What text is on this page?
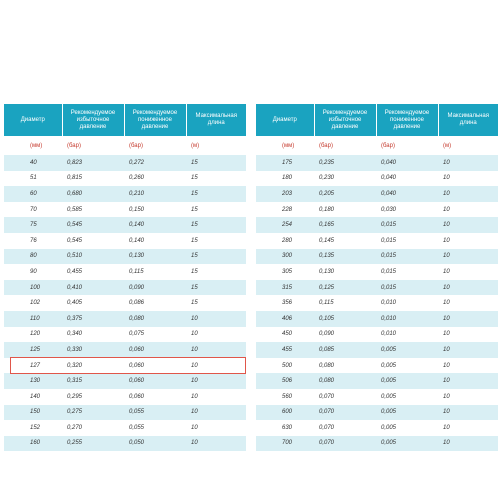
Диаметр	Рекомендуемое избыточное давление	Рекомендуемое пониженное давление	Максимальная длина
(мм)	(бар)	(бар)	(м)
40	0,823	0,272	15
51	0,815	0,260	15
60	0,680	0,210	15
70	0,585	0,150	15
75	0,545	0,140	15
76	0,545	0,140	15
80	0,510	0,130	15
90	0,455	0,115	15
100	0,410	0,090	15
102	0,405	0,086	15
110	0,375	0,080	10
120	0,340	0,075	10
125	0,330	0,060	10
127	0,320	0,060	10
130	0,315	0,060	10
140	0,295	0,060	10
150	0,275	0,055	10
152	0,270	0,055	10
160	0,255	0,050	10
Диаметр	Рекомендуемое избыточное давление	Рекомендуемое пониженное давление	Максимальная длина
(мм)	(бар)	(бар)	(м)
175	0,235	0,040	10
180	0,230	0,040	10
203	0,205	0,040	10
228	0,180	0,030	10
254	0,165	0,015	10
280	0,145	0,015	10
300	0,135	0,015	10
305	0,130	0,015	10
315	0,125	0,015	10
356	0,115	0,010	10
406	0,105	0,010	10
450	0,090	0,010	10
455	0,085	0,005	10
500	0,080	0,005	10
506	0,080	0,005	10
560	0,070	0,005	10
600	0,070	0,005	10
630	0,070	0,005	10
700	0,070	0,005	10
